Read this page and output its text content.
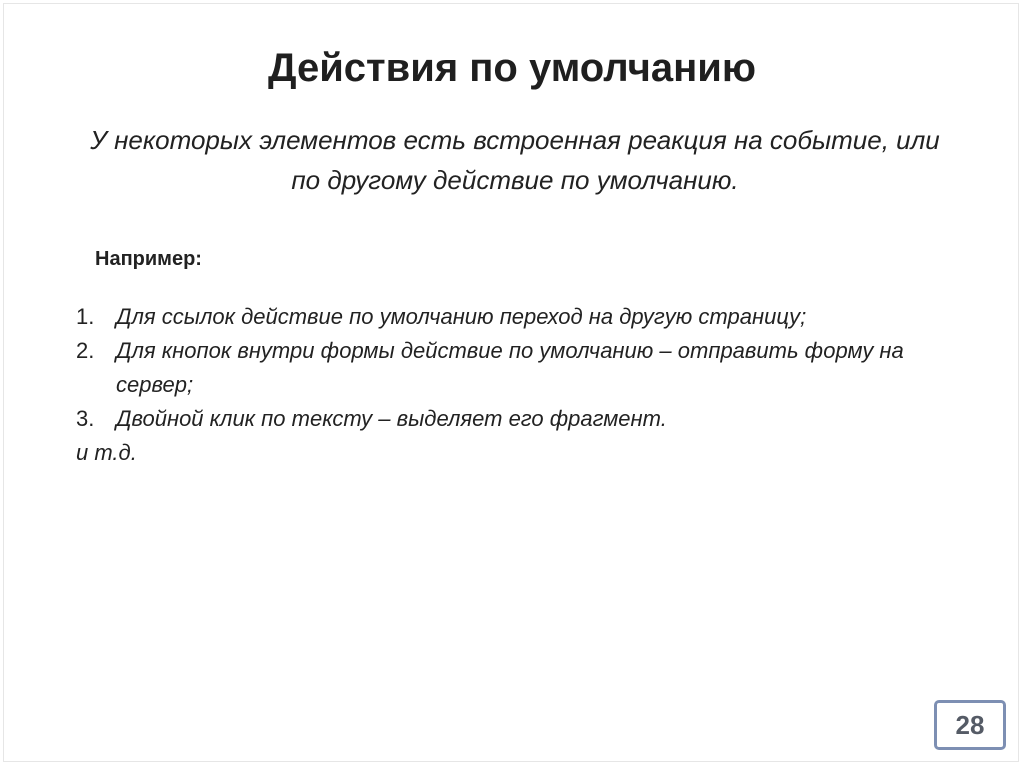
Действия по умолчанию
У некоторых элементов есть встроенная реакция на событие, или по другому действие по умолчанию.
Например:
1. Для ссылок действие по умолчанию переход на другую страницу;
2. Для кнопок внутри формы действие по умолчанию – отправить форму на сервер;
3. Двойной клик по тексту – выделяет его фрагмент.
и т.д.
28
